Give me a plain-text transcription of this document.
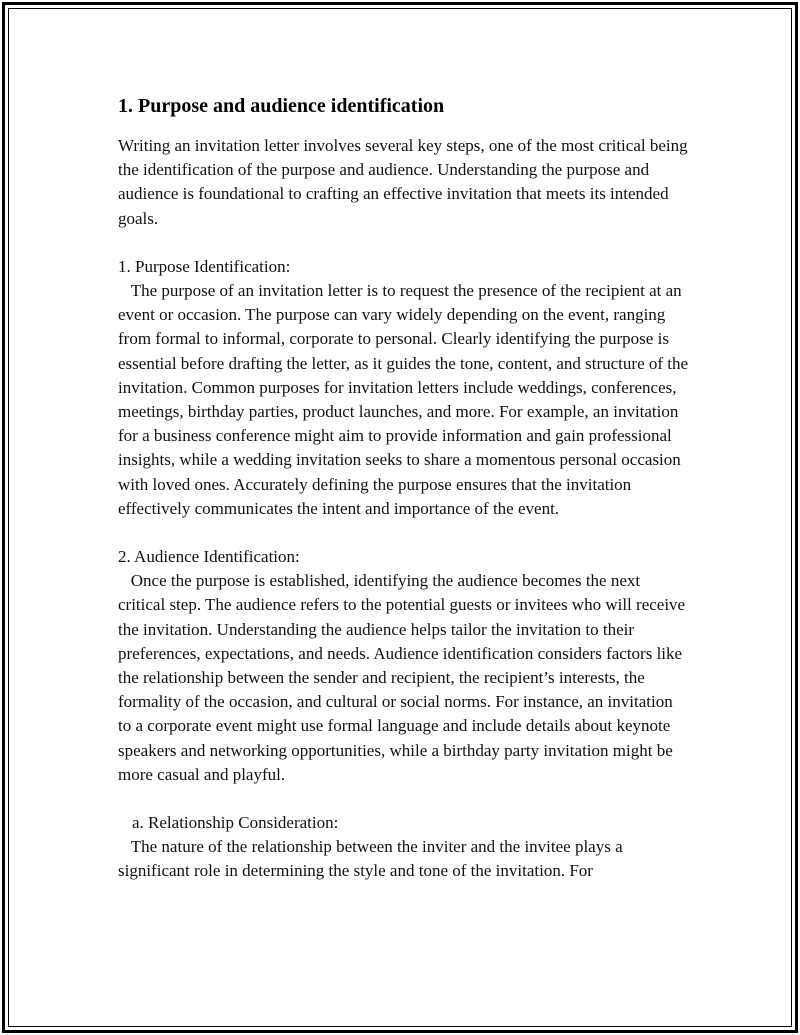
1. Purpose and audience identification

Writing an invitation letter involves several key steps, one of the most critical being the identification of the purpose and audience. Understanding the purpose and audience is foundational to crafting an effective invitation that meets its intended goals.

1. Purpose Identification:

The purpose of an invitation letter is to request the presence of the recipient at an event or occasion. The purpose can vary widely depending on the event, ranging from formal to informal, corporate to personal. Clearly identifying the purpose is essential before drafting the letter, as it guides the tone, content, and structure of the invitation. Common purposes for invitation letters include weddings, conferences, meetings, birthday parties, product launches, and more. For example, an invitation for a business conference might aim to provide information and gain professional insights, while a wedding invitation seeks to share a momentous personal occasion with loved ones. Accurately defining the purpose ensures that the invitation effectively communicates the intent and importance of the event.

2. Audience Identification:

Once the purpose is established, identifying the audience becomes the next critical step. The audience refers to the potential guests or invitees who will receive the invitation. Understanding the audience helps tailor the invitation to their preferences, expectations, and needs. Audience identification considers factors like the relationship between the sender and recipient, the recipient’s interests, the formality of the occasion, and cultural or social norms. For instance, an invitation to a corporate event might use formal language and include details about keynote speakers and networking opportunities, while a birthday party invitation might be more casual and playful.

a. Relationship Consideration:

The nature of the relationship between the inviter and the invitee plays a significant role in determining the style and tone of the invitation. For
